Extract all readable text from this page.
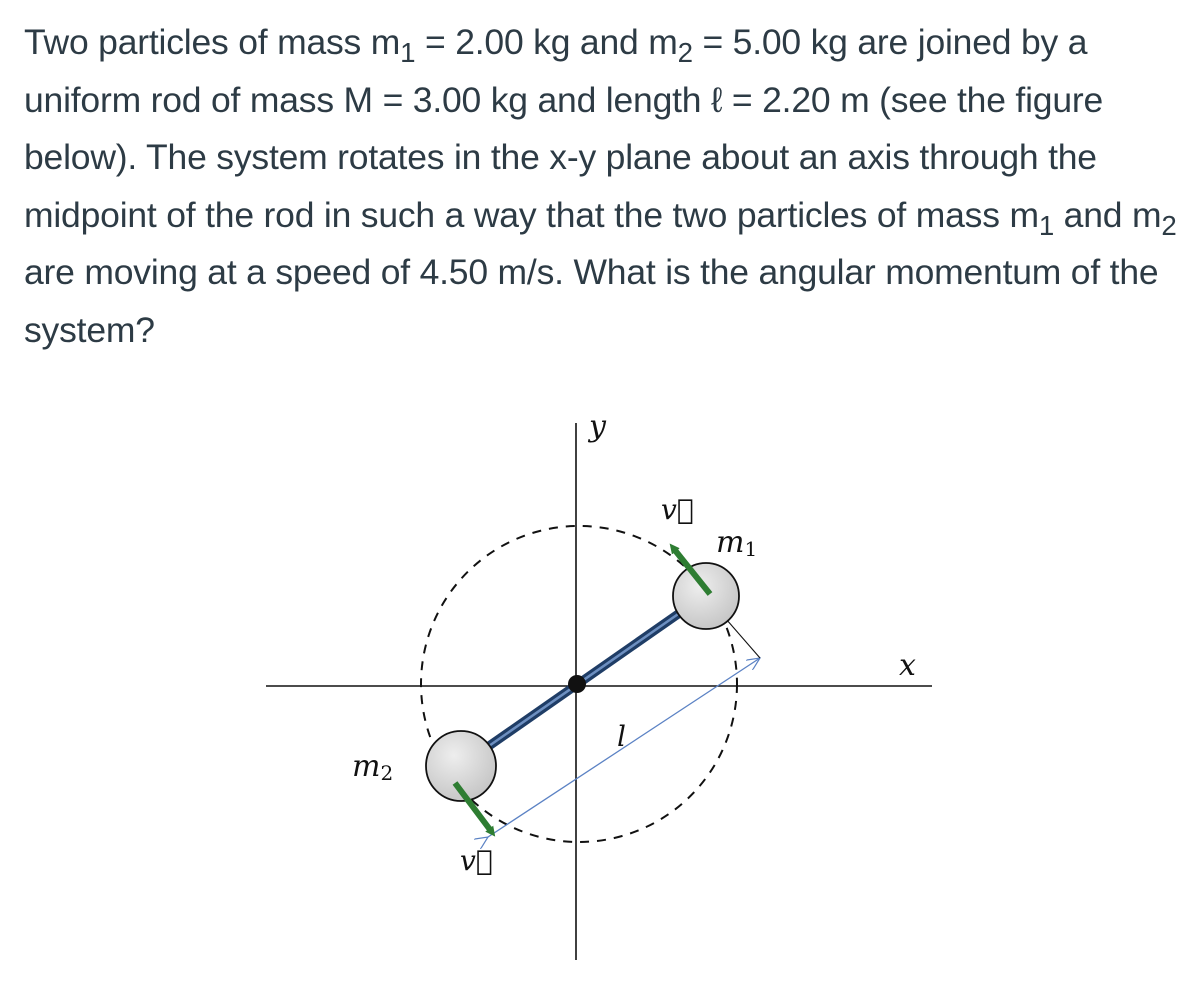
Two particles of mass $m_1 = 2.00$ kg and $m_2 = 5.00$ kg are joined by a uniform rod of mass M = 3.00 kg and length ℓ = 2.20 m (see the figure below). The system rotates in the x-y plane about an axis through the midpoint of the rod in such a way that the two particles of mass $m_1$ and $m_2$ are moving at a speed of 4.50 m/s. What is the angular momentum of the system?

y
x
v⃗
v⃗
m1
m2
l
